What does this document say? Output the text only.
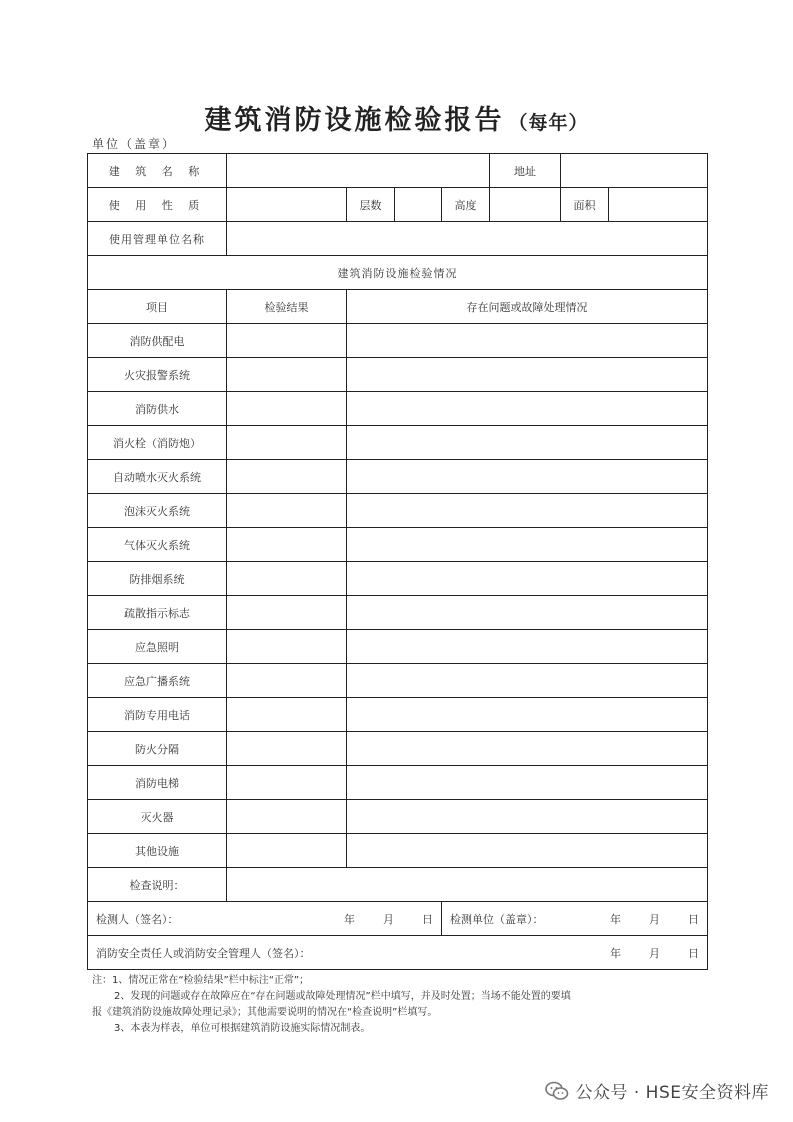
建筑消防设施检验报告 （每年）
单位（盖章）
建 筑 名 称					地址		
使 用 性 质		层数		高度		面积	
使用管理单位名称							
建筑消防设施检验情况							
项目	检验结果	存在问题或故障处理情况					
消防供配电							
火灾报警系统							
消防供水							
消火栓（消防炮）							
自动喷水灭火系统							
泡沫灭火系统							
气体灭火系统							
防排烟系统							
疏散指示标志							
应急照明							
应急广播系统							
消防专用电话							
防火分隔							
消防电梯							
灭火器							
其他设施							
检查说明：							

检测人（签名）： 年 月 日				检测单位（盖章）： 年 月 日			

消防安全责任人或消防安全管理人（签名）： 年 月 日							

注：1、情况正常在“检验结果”栏中标注“正常”；

2、发现的问题或存在故障应在“存在问题或故障处理情况”栏中填写，并及时处置；当场不能处置的要填

报《建筑消防设施故障处理记录》；其他需要说明的情况在“检查说明”栏填写。

3、本表为样表，单位可根据建筑消防设施实际情况制表。

公众号 · HSE安全资料库
